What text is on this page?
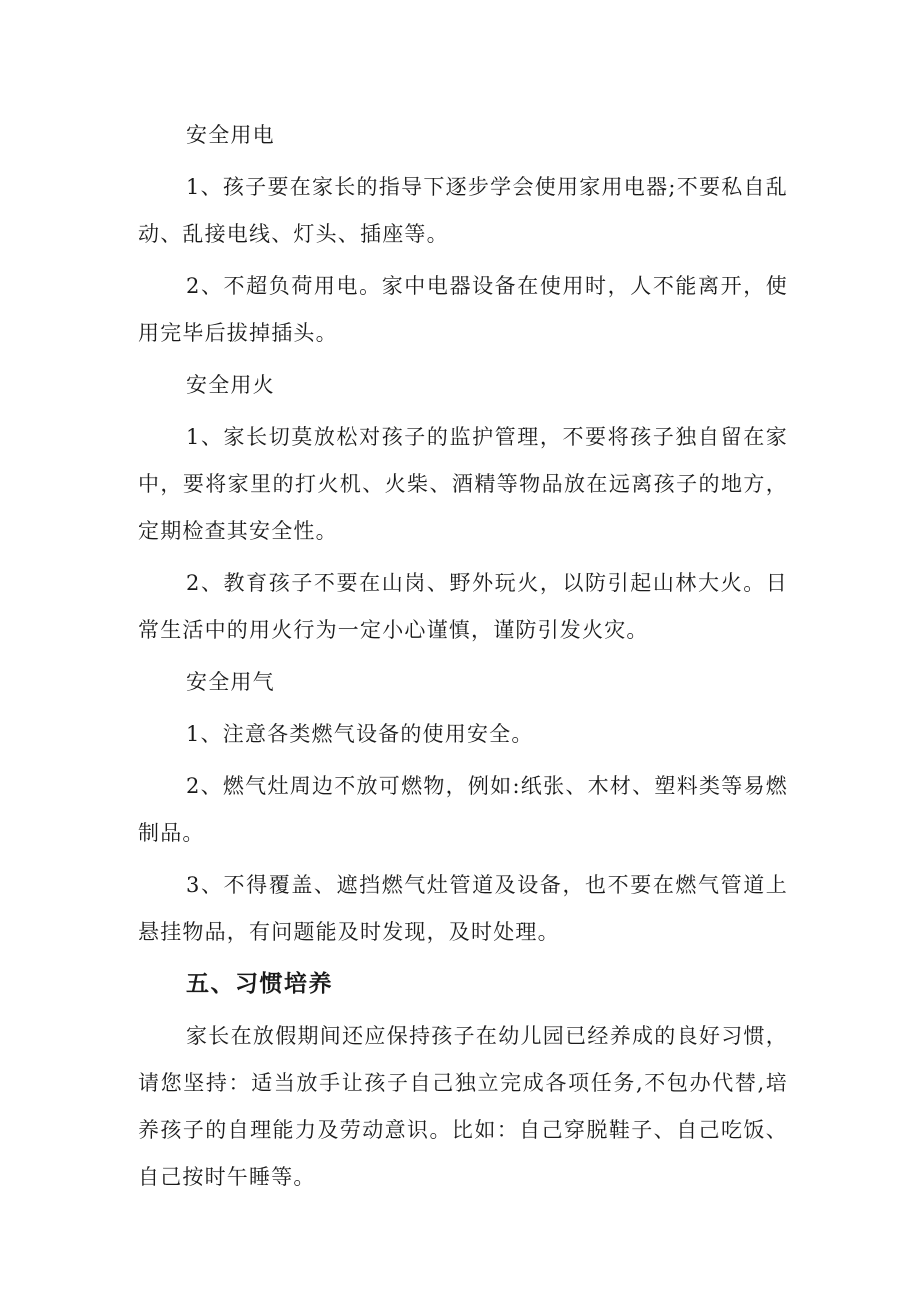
安全用电

1、孩子要在家长的指导下逐步学会使用家用电器;不要私自乱动、乱接电线、灯头、插座等。

2、不超负荷用电。家中电器设备在使用时，人不能离开，使用完毕后拔掉插头。

安全用火

1、家长切莫放松对孩子的监护管理，不要将孩子独自留在家中，要将家里的打火机、火柴、酒精等物品放在远离孩子的地方，定期检查其安全性。

2、教育孩子不要在山岗、野外玩火，以防引起山林大火。日常生活中的用火行为一定小心谨慎，谨防引发火灾。

安全用气

1、注意各类燃气设备的使用安全。

2、燃气灶周边不放可燃物，例如:纸张、木材、塑料类等易燃制品。

3、不得覆盖、遮挡燃气灶管道及设备，也不要在燃气管道上悬挂物品，有问题能及时发现，及时处理。

五、习惯培养

家长在放假期间还应保持孩子在幼儿园已经养成的良好习惯，请您坚持：适当放手让孩子自己独立完成各项任务,不包办代替,培养孩子的自理能力及劳动意识。比如：自己穿脱鞋子、自己吃饭、自己按时午睡等。
